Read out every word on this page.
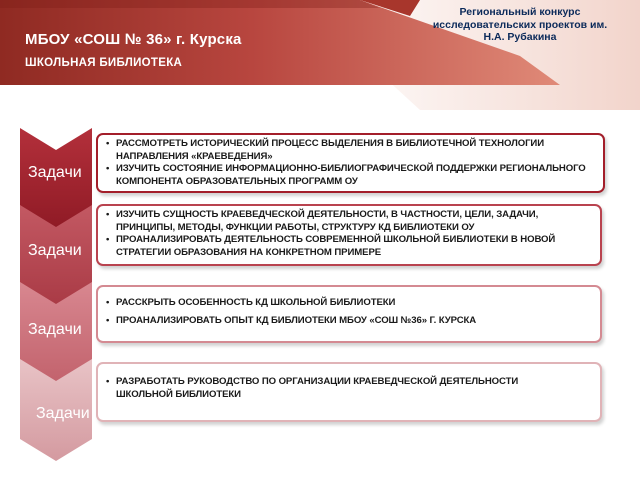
МБОУ «СОШ № 36» г. Курска
ШКОЛЬНАЯ БИБЛИОТЕКА
Региональный конкурс
исследовательских проектов им.
Н.А. Рубакина
Задачи
Задачи
Задачи
Задачи
• РАССМОТРЕТЬ ИСТОРИЧЕСКИЙ ПРОЦЕСС ВЫДЕЛЕНИЯ В БИБЛИОТЕЧНОЙ ТЕХНОЛОГИИ НАПРАВЛЕНИЯ «КРАЕВЕДЕНИЯ»
• ИЗУЧИТЬ СОСТОЯНИЕ ИНФОРМАЦИОННО-БИБЛИОГРАФИЧЕСКОЙ ПОДДЕРЖКИ РЕГИОНАЛЬНОГО КОМПОНЕНТА ОБРАЗОВАТЕЛЬНЫХ ПРОГРАММ ОУ
• ИЗУЧИТЬ СУЩНОСТЬ КРАЕВЕДЧЕСКОЙ ДЕЯТЕЛЬНОСТИ, В ЧАСТНОСТИ, ЦЕЛИ, ЗАДАЧИ, ПРИНЦИПЫ, МЕТОДЫ, ФУНКЦИИ РАБОТЫ, СТРУКТУРУ КД БИБЛИОТЕКИ ОУ
• ПРОАНАЛИЗИРОВАТЬ ДЕЯТЕЛЬНОСТЬ СОВРЕМЕННОЙ ШКОЛЬНОЙ БИБЛИОТЕКИ В НОВОЙ СТРАТЕГИИ ОБРАЗОВАНИЯ НА КОНКРЕТНОМ ПРИМЕРЕ
• РАССКРЫТЬ ОСОБЕННОСТЬ КД ШКОЛЬНОЙ БИБЛИОТЕКИ
• ПРОАНАЛИЗИРОВАТЬ ОПЫТ КД БИБЛИОТЕКИ МБОУ «СОШ №36» Г. КУРСКА
• РАЗРАБОТАТЬ РУКОВОДСТВО ПО ОРГАНИЗАЦИИ КРАЕВЕДЧЕСКОЙ ДЕЯТЕЛЬНОСТИ ШКОЛЬНОЙ БИБЛИОТЕКИ
